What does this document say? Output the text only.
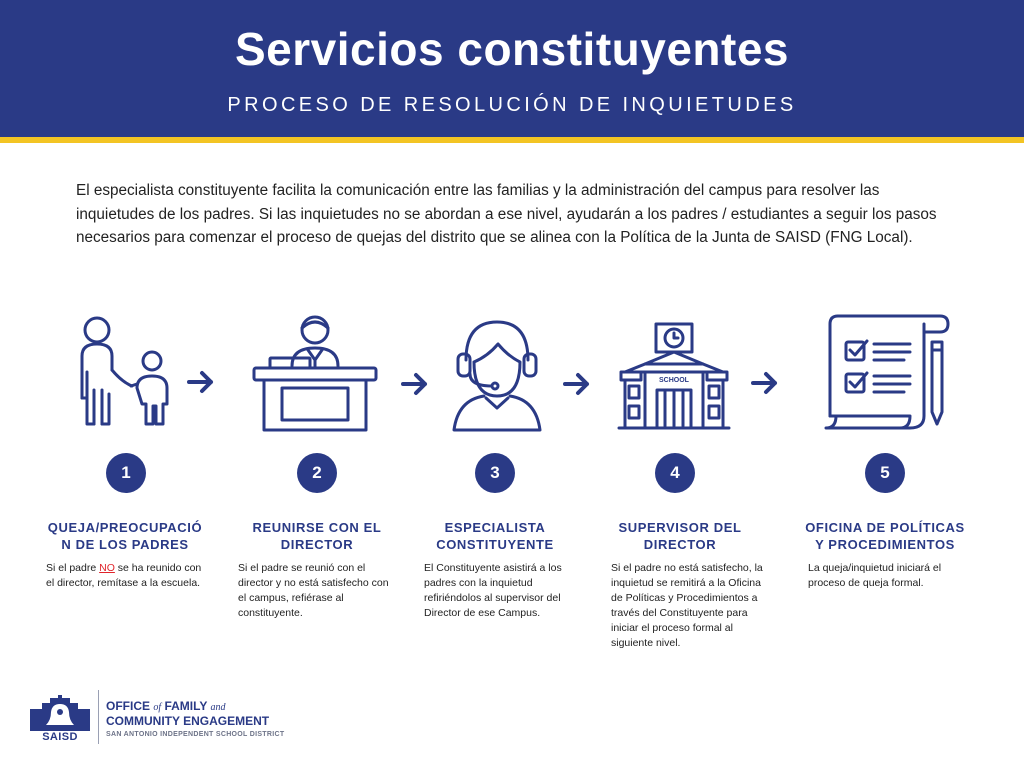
Servicios constituyentes
PROCESO DE RESOLUCIÓN DE INQUIETUDES
El especialista constituyente facilita la comunicación entre las familias y la administración del campus para resolver las inquietudes de los padres. Si las inquietudes no se abordan a ese nivel, ayudarán a los padres / estudiantes a seguir los pasos necesarios para comenzar el proceso de quejas del distrito que se alinea con la Política de la Junta de SAISD (FNG Local).
SCHOOL
1	2	3	4	5
QUEJA/PREOCUPACIÓ
N DE LOS PADRES
REUNIRSE CON EL
DIRECTOR
ESPECIALISTA
CONSTITUYENTE
SUPERVISOR DEL
DIRECTOR
OFICINA DE POLÍTICAS
Y PROCEDIMIENTOS
Si el padre NO se ha reunido con el director, remítase a la escuela.
Si el padre se reunió con el director y no está satisfecho con el campus, refiérase al constituyente.
El Constituyente asistirá a los padres con la inquietud refiriéndolos al supervisor del Director de ese Campus.
Si el padre no está satisfecho, la inquietud se remitirá a la Oficina de Políticas y Procedimientos a través del Constituyente para iniciar el proceso formal al siguiente nivel.
La queja/inquietud iniciará el proceso de queja formal.
SAISD
OFFICE of FAMILY and
COMMUNITY ENGAGEMENT
SAN ANTONIO INDEPENDENT SCHOOL DISTRICT
